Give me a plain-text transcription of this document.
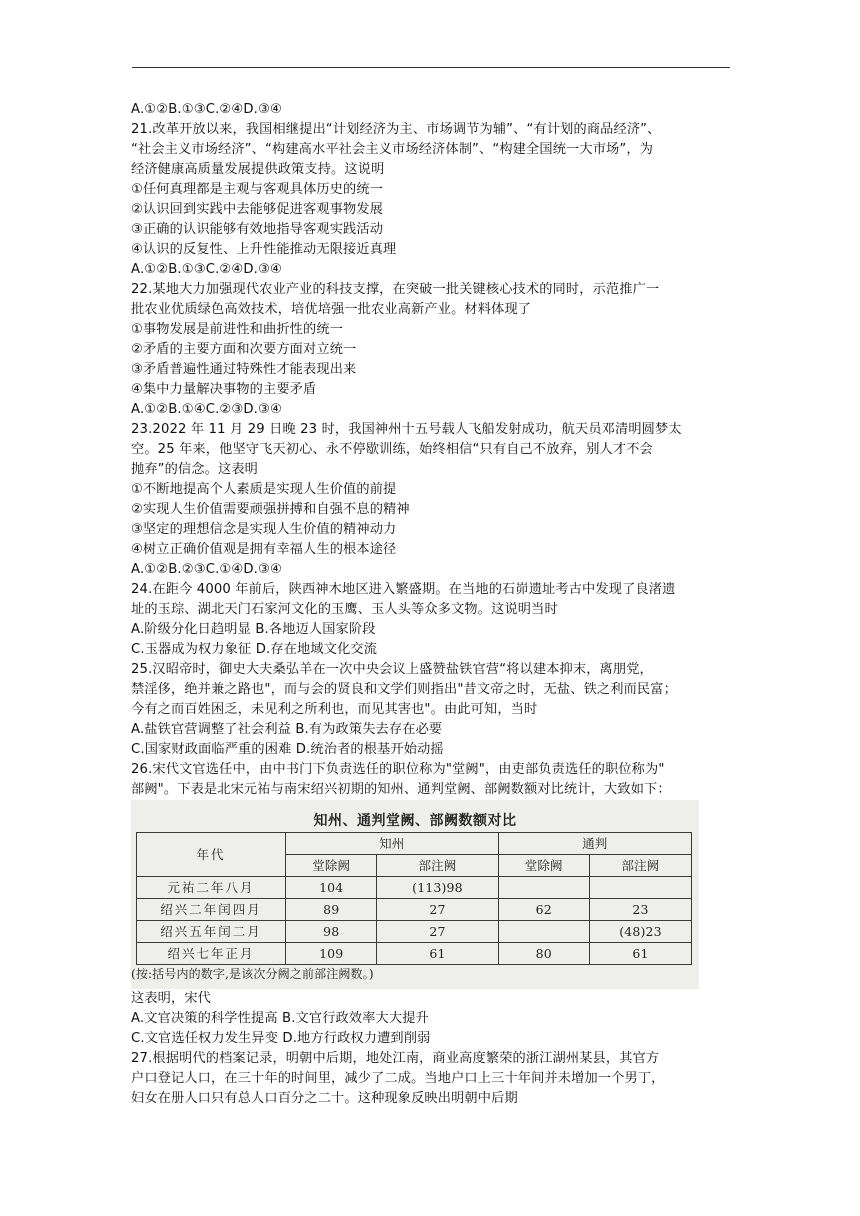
A.①②B.①③C.②④D.③④
21.改革开放以来，我国相继提出“计划经济为主、市场调节为辅”、“有计划的商品经济”、
“社会主义市场经济”、“构建高水平社会主义市场经济体制”、“构建全国统一大市场”，为
经济健康高质量发展提供政策支持。这说明
①任何真理都是主观与客观具体历史的统一
②认识回到实践中去能够促进客观事物发展
③正确的认识能够有效地指导客观实践活动
④认识的反复性、上升性能推动无限接近真理
A.①②B.①③C.②④D.③④
22.某地大力加强现代农业产业的科技支撑，在突破一批关键核心技术的同时，示范推广一
批农业优质绿色高效技术，培优培强一批农业高新产业。材料体现了
①事物发展是前进性和曲折性的统一
②矛盾的主要方面和次要方面对立统一
③矛盾普遍性通过特殊性才能表现出来
④集中力量解决事物的主要矛盾
A.①②B.①④C.②③D.③④
23.2022 年 11 月 29 日晚 23 时，我国神州十五号载人飞船发射成功，航天员邓清明圆梦太
空。25 年来，他坚守飞天初心、永不停歇训练，始终相信“只有自己不放弃，别人才不会
抛弃”的信念。这表明
①不断地提高个人素质是实现人生价值的前提
②实现人生价值需要顽强拼搏和自强不息的精神
③坚定的理想信念是实现人生价值的精神动力
④树立正确价值观是拥有幸福人生的根本途径
A.①②B.②③C.①④D.③④
24.在距今 4000 年前后，陕西神木地区进入繁盛期。在当地的石峁遗址考古中发现了良渚遗
址的玉琮、湖北天门石家河文化的玉鹰、玉人头等众多文物。这说明当时
A.阶级分化日趋明显 B.各地迈人国家阶段
C.玉器成为权力象征 D.存在地域文化交流
25.汉昭帝时，御史大夫桑弘羊在一次中央会议上盛赞盐铁官营“将以建本抑末，离朋党，
禁淫侈，绝并兼之路也"，而与会的贤良和文学们则指出"昔文帝之时，无盐、铁之利而民富；
今有之而百姓困乏，未见利之所利也，而见其害也"。由此可知，当时
A.盐铁官营调整了社会利益 B.有为政策失去存在必要
C.国家财政面临严重的困难 D.统治者的根基开始动摇
26.宋代文官选任中，由中书门下负责选任的职位称为"堂阙"，由吏部负责选任的职位称为"
部阙"。下表是北宋元祐与南宋绍兴初期的知州、通判堂阙、部阙数额对比统计，大致如下：
知州、通判堂阙、部阙数额对比
年代	知州		通判	
	堂除阙	部注阙	堂除阙	部注阙
元祐二年八月	104	(113)98		
绍兴二年闰四月	89	27	62	23
绍兴五年闰二月	98	27		(48)23
绍兴七年正月	109	61	80	61
(按:括号内的数字,是该次分阙之前部注阙数。)
这表明，宋代
A.文官决策的科学性提高 B.文官行政效率大大提升
C.文官选任权力发生异变 D.地方行政权力遭到削弱
27.根据明代的档案记录，明朝中后期，地处江南，商业高度繁荣的浙江湖州某县，其官方
户口登记人口，在三十年的时间里，减少了二成。当地户口上三十年间并未增加一个男丁，
妇女在册人口只有总人口百分之二十。这种现象反映出明朝中后期
